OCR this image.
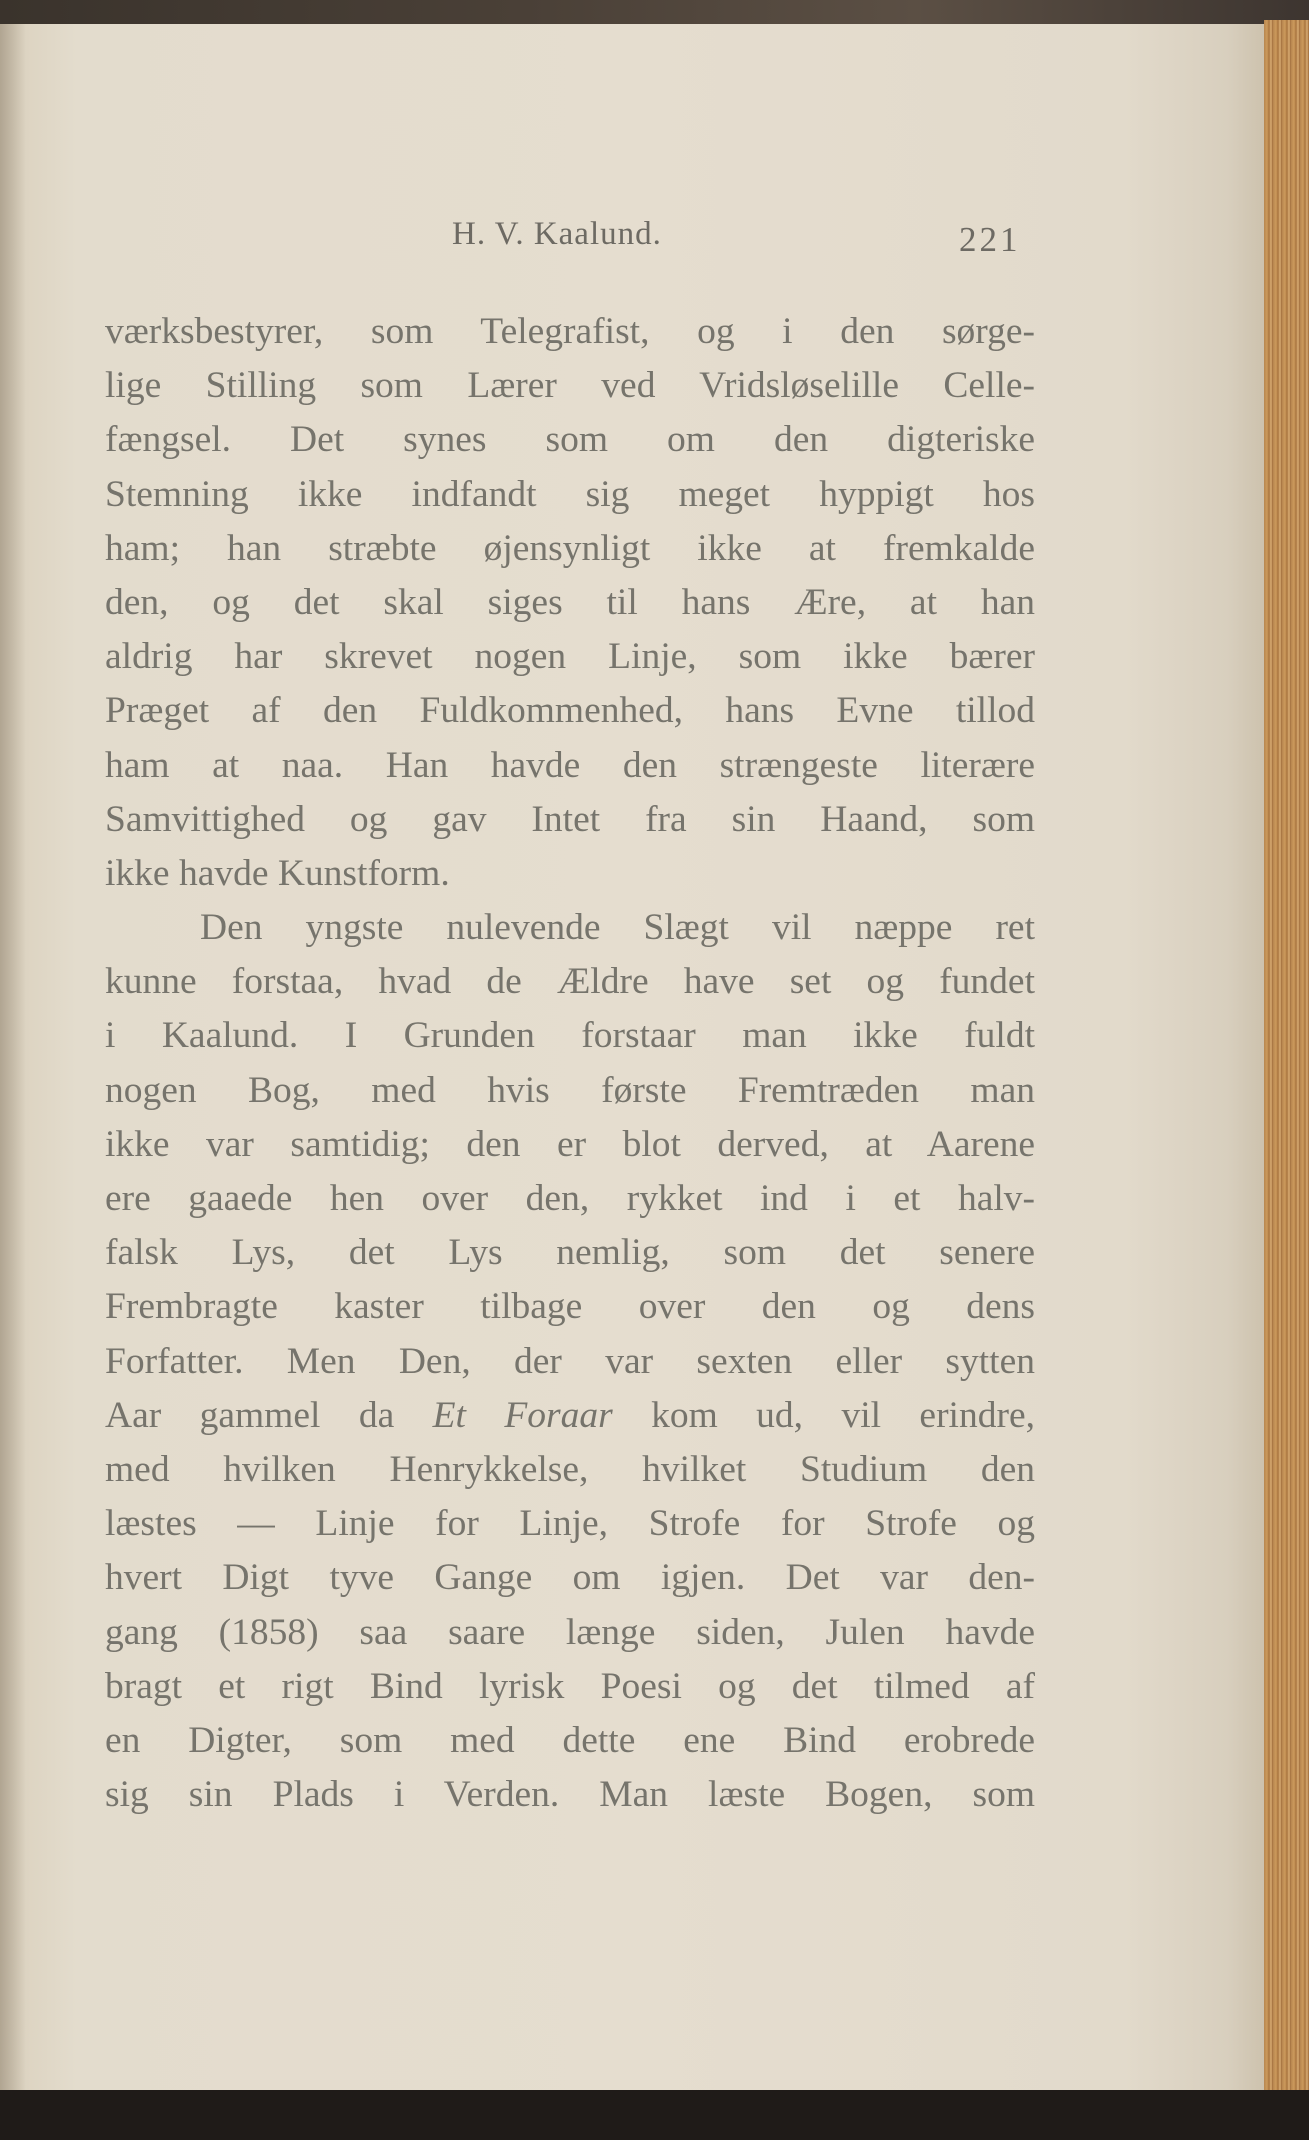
H. V. Kaalund.	221
værksbestyrer, som Telegrafist, og i den sørge-
lige Stilling som Lærer ved Vridsløselille Celle-
fængsel. Det synes som om den digteriske
Stemning ikke indfandt sig meget hyppigt hos
ham; han stræbte øjensynligt ikke at fremkalde
den, og det skal siges til hans Ære, at han
aldrig har skrevet nogen Linje, som ikke bærer
Præget af den Fuldkommenhed, hans Evne tillod
ham at naa. Han havde den strængeste literære
Samvittighed og gav Intet fra sin Haand, som
ikke havde Kunstform.
Den yngste nulevende Slægt vil næppe ret
kunne forstaa, hvad de Ældre have set og fundet
i Kaalund. I Grunden forstaar man ikke fuldt
nogen Bog, med hvis første Fremtræden man
ikke var samtidig; den er blot derved, at Aarene
ere gaaede hen over den, rykket ind i et halv-
falsk Lys, det Lys nemlig, som det senere
Frembragte kaster tilbage over den og dens
Forfatter. Men Den, der var sexten eller sytten
Aar gammel da Et Foraar kom ud, vil erindre,
med hvilken Henrykkelse, hvilket Studium den
læstes — Linje for Linje, Strofe for Strofe og
hvert Digt tyve Gange om igjen. Det var den-
gang (1858) saa saare længe siden, Julen havde
bragt et rigt Bind lyrisk Poesi og det tilmed af
en Digter, som med dette ene Bind erobrede
sig sin Plads i Verden. Man læste Bogen, som
